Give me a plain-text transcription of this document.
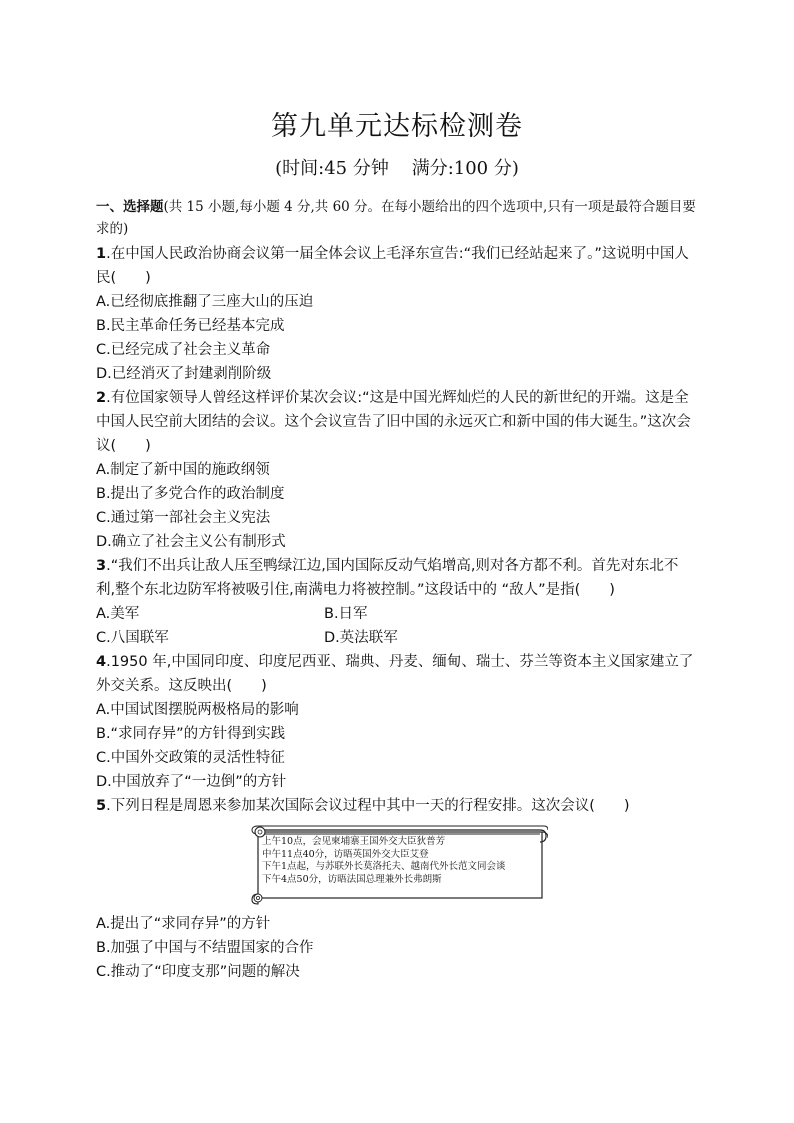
第九单元达标检测卷
(时间:45 分钟    满分:100 分)
一、选择题(共 15 小题,每小题 4 分,共 60 分。在每小题给出的四个选项中,只有一项是最符合题目要求的)
1.在中国人民政治协商会议第一届全体会议上毛泽东宣告:“我们已经站起来了。”这说明中国人民(　　)
A.已经彻底推翻了三座大山的压迫
B.民主革命任务已经基本完成
C.已经完成了社会主义革命
D.已经消灭了封建剥削阶级
2.有位国家领导人曾经这样评价某次会议:“这是中国光辉灿烂的人民的新世纪的开端。这是全中国人民空前大团结的会议。这个会议宣告了旧中国的永远灭亡和新中国的伟大诞生。”这次会议(　　)
A.制定了新中国的施政纲领
B.提出了多党合作的政治制度
C.通过第一部社会主义宪法
D.确立了社会主义公有制形式
3.“我们不出兵让敌人压至鸭绿江边,国内国际反动气焰增高,则对各方都不利。首先对东北不利,整个东北边防军将被吸引住,南满电力将被控制。”这段话中的 “敌人”是指(　　)
A.美军	B.日军
C.八国联军	D.英法联军
4.1950 年,中国同印度、印度尼西亚、瑞典、丹麦、缅甸、瑞士、芬兰等资本主义国家建立了外交关系。这反映出(　　)
A.中国试图摆脱两极格局的影响
B.“求同存异”的方针得到实践
C.中国外交政策的灵活性特征
D.中国放弃了“一边倒”的方针
5.下列日程是周恩来参加某次国际会议过程中其中一天的行程安排。这次会议(　　)
上午10点，会见柬埔寨王国外交大臣狄普芳
中午11点40分，访晤英国外交大臣艾登
下午1点起，与苏联外长莫洛托夫、越南代外长范文同会谈
下午4点50分，访晤法国总理兼外长弗朗斯
A.提出了“求同存异”的方针
B.加强了中国与不结盟国家的合作
C.推动了“印度支那”问题的解决
